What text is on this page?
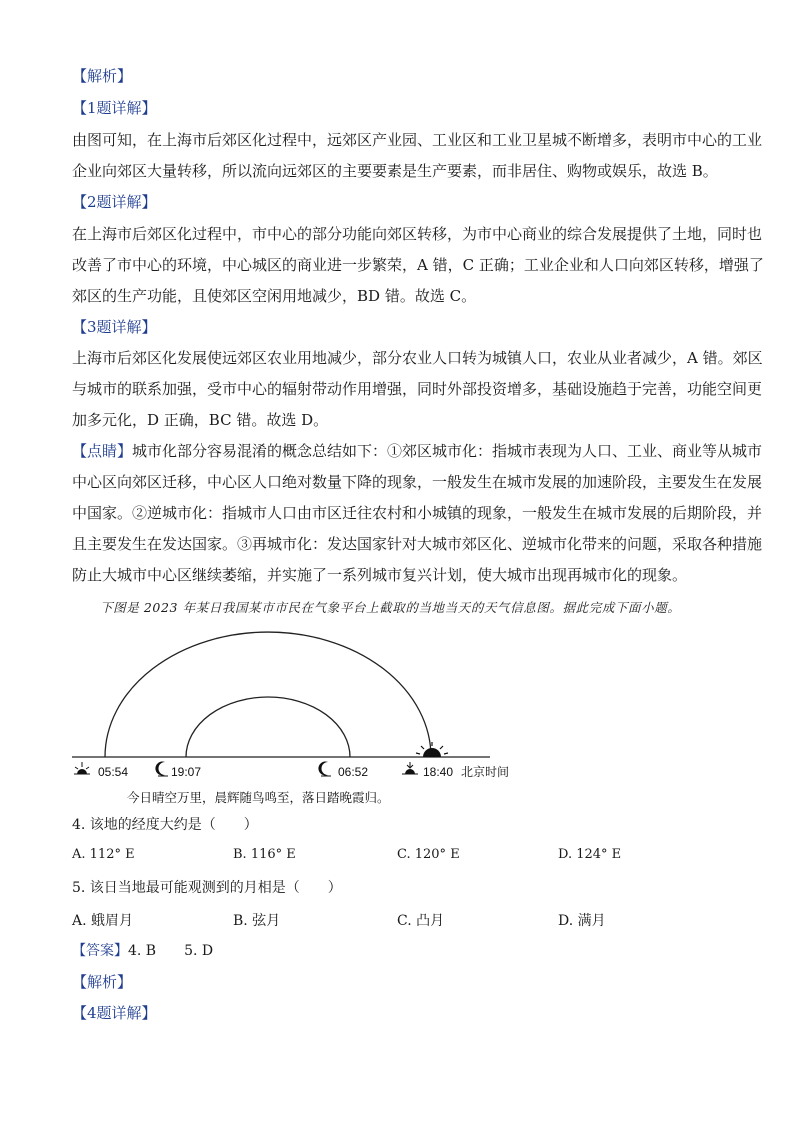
【解析】
【1题详解】
由图可知，在上海市后郊区化过程中，远郊区产业园、工业区和工业卫星城不断增多，表明市中心的工业
企业向郊区大量转移，所以流向远郊区的主要要素是生产要素，而非居住、购物或娱乐，故选 B。
【2题详解】
在上海市后郊区化过程中，市中心的部分功能向郊区转移，为市中心商业的综合发展提供了土地，同时也
改善了市中心的环境，中心城区的商业进一步繁荣，A 错，C 正确；工业企业和人口向郊区转移，增强了
郊区的生产功能，且使郊区空闲用地减少，BD 错。故选 C。
【3题详解】
上海市后郊区化发展使远郊区农业用地减少，部分农业人口转为城镇人口，农业从业者减少，A 错。郊区
与城市的联系加强，受市中心的辐射带动作用增强，同时外部投资增多，基础设施趋于完善，功能空间更
加多元化，D 正确，BC 错。故选 D。
【点睛】城市化部分容易混淆的概念总结如下：①郊区城市化：指城市表现为人口、工业、商业等从城市
中心区向郊区迁移，中心区人口绝对数量下降的现象，一般发生在城市发展的加速阶段，主要发生在发展
中国家。②逆城市化：指城市人口由市区迁往农村和小城镇的现象，一般发生在城市发展的后期阶段，并
且主要发生在发达国家。③再城市化：发达国家针对大城市郊区化、逆城市化带来的问题，采取各种措施
防止大城市中心区继续萎缩，并实施了一系列城市复兴计划，使大城市出现再城市化的现象。
下图是 2023 年某日我国某市市民在气象平台上截取的当地当天的天气信息图。据此完成下面小题。
05:54	19:07	06:52	18:40 北京时间
今日晴空万里，晨辉随鸟鸣至，落日踏晚霞归。
4. 该地的经度大约是（　　）
A. 112° E	B. 116° E	C. 120° E	D. 124° E
5. 该日当地最可能观测到的月相是（　　）
A. 蛾眉月	B. 弦月	C. 凸月	D. 满月
【答案】4. B　　5. D
【解析】
【4题详解】
